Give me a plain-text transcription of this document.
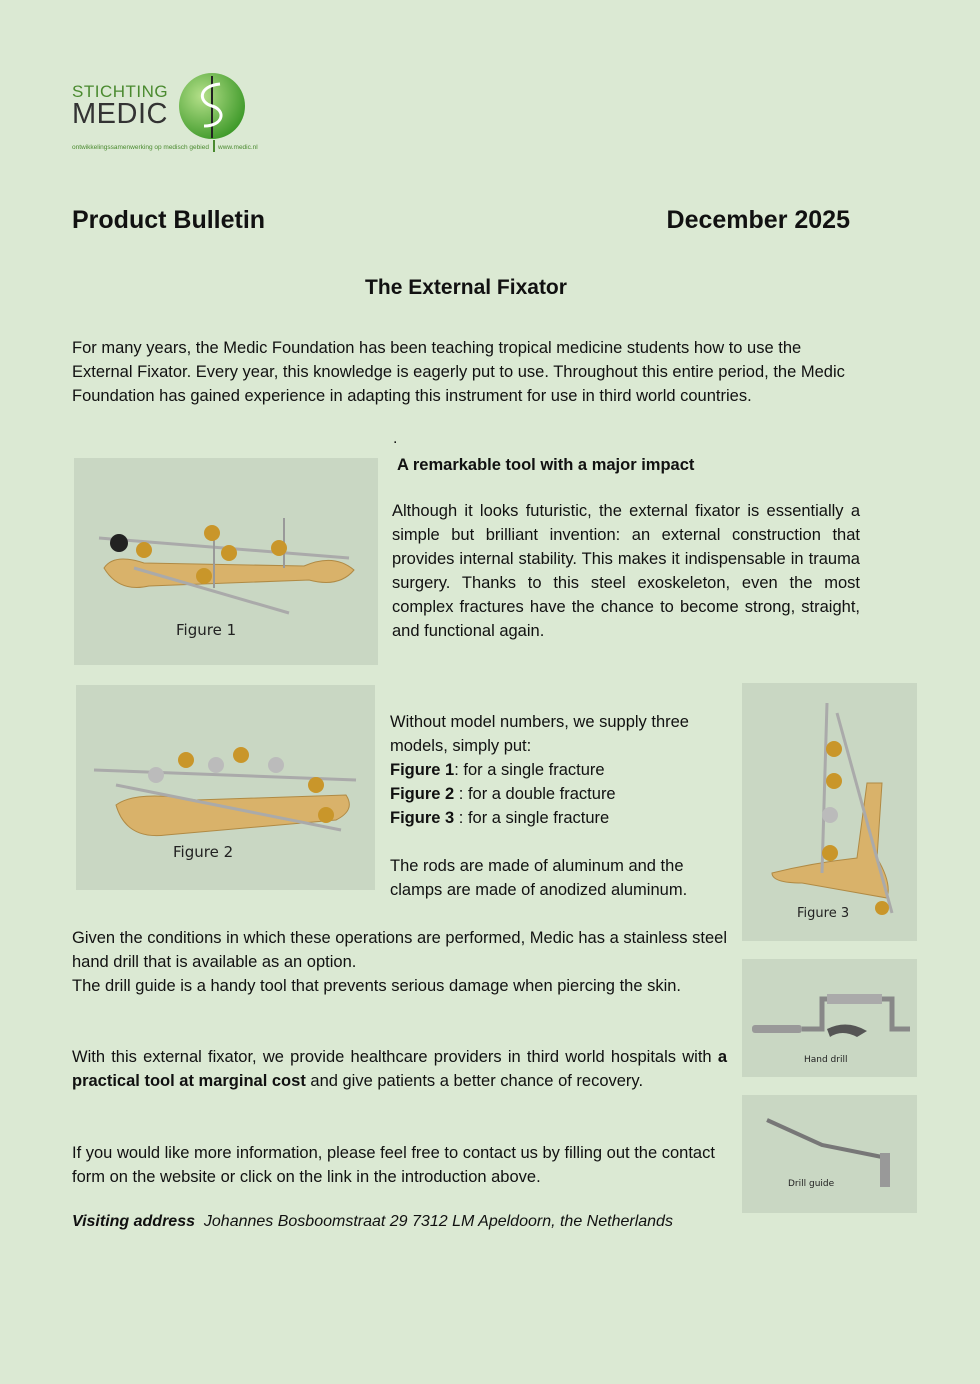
STICHTING
MEDIC
ontwikkelingssamenwerking op medisch gebied	www.medic.nl
Product Bulletin	December 2025
The External Fixator
For many years, the Medic Foundation has been teaching tropical medicine students how to use the External Fixator. Every year, this knowledge is eagerly put to use. Throughout this entire period, the Medic Foundation has gained experience in adapting this instrument for use in third world countries.
.
A remarkable tool with a major impact
Although it looks futuristic, the external fixator is essentially a simple but brilliant invention: an external construction that provides internal stability. This makes it indispensable in trauma surgery. Thanks to this steel exoskeleton, even the most complex fractures have the chance to become strong, straight, and functional again.
Figure 1
Figure 2
Without model numbers, we supply three models, simply put:
Figure 1: for a single fracture
Figure 2 : for a double fracture
Figure 3 : for a single fracture
The rods are made of aluminum and the clamps are made of anodized aluminum.
Figure 3
Hand drill
Drill guide
Given the conditions in which these operations are performed, Medic has a stainless steel hand drill that is available as an option.
The drill guide is a handy tool that prevents serious damage when piercing the skin.
With this external fixator, we provide healthcare providers in third world hospitals with a practical tool at marginal cost and give patients a better chance of recovery.
If you would like more information, please feel free to contact us by filling out the contact form on the website or click on the link in the introduction above.
Visiting address Johannes Bosboomstraat 29 7312 LM Apeldoorn, the Netherlands
